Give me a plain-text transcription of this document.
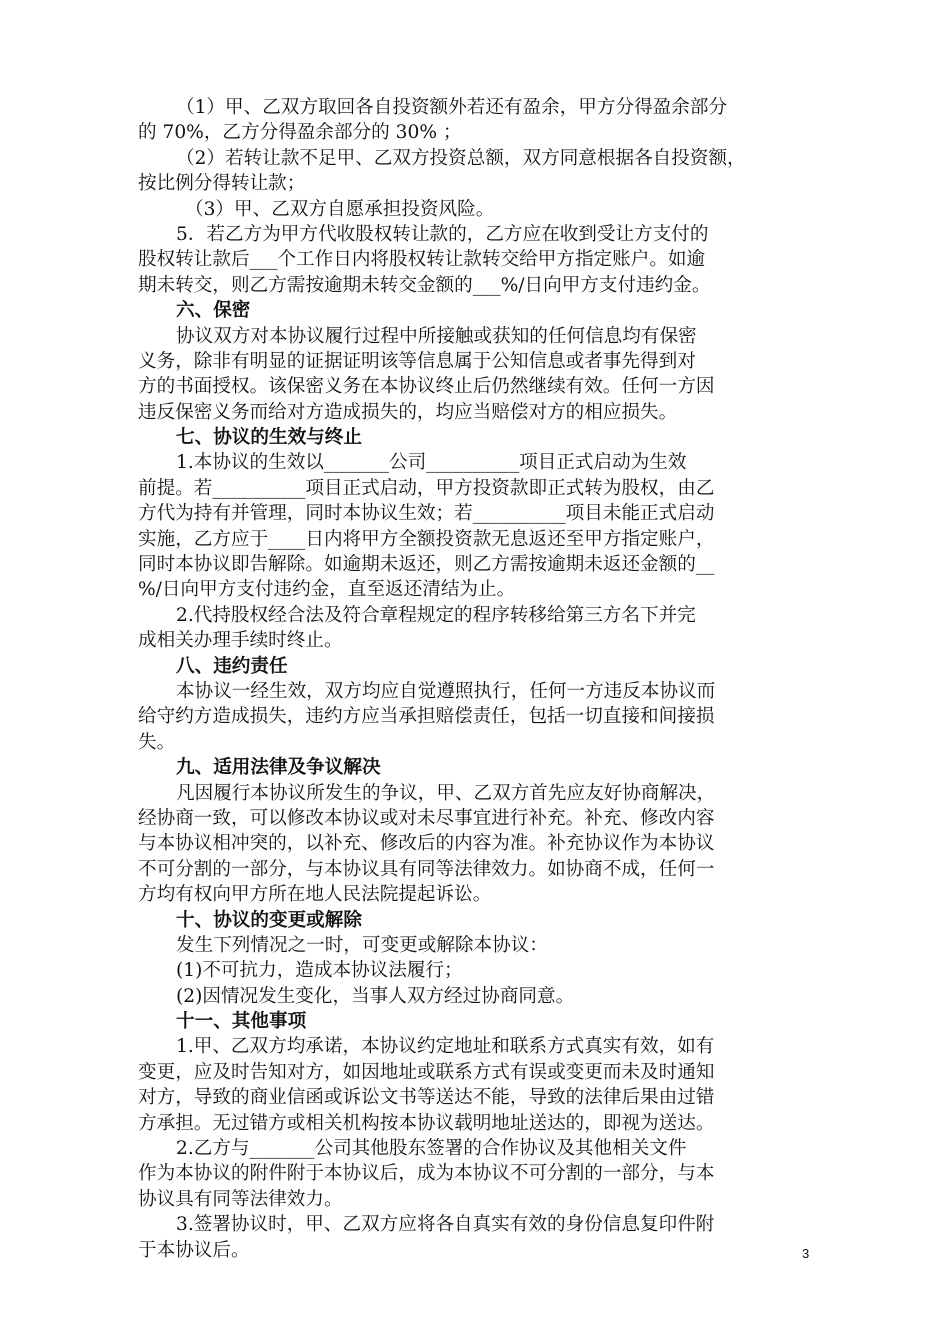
（1）甲、乙双方取回各自投资额外若还有盈余，甲方分得盈余部分
的 70%，乙方分得盈余部分的 30% ；
（2）若转让款不足甲、乙双方投资总额，双方同意根据各自投资额，
按比例分得转让款；
（3）甲、乙双方自愿承担投资风险。
5．若乙方为甲方代收股权转让款的，乙方应在收到受让方支付的
股权转让款后___个工作日内将股权转让款转交给甲方指定账户。如逾
期未转交，则乙方需按逾期未转交金额的___%/日向甲方支付违约金。
六、保密
协议双方对本协议履行过程中所接触或获知的任何信息均有保密
义务，除非有明显的证据证明该等信息属于公知信息或者事先得到对
方的书面授权。该保密义务在本协议终止后仍然继续有效。任何一方因
违反保密义务而给对方造成损失的，均应当赔偿对方的相应损失。
七、协议的生效与终止
1.本协议的生效以_______公司__________项目正式启动为生效
前提。若__________项目正式启动，甲方投资款即正式转为股权，由乙
方代为持有并管理，同时本协议生效；若__________项目未能正式启动
实施，乙方应于____日内将甲方全额投资款无息返还至甲方指定账户，
同时本协议即告解除。如逾期未返还，则乙方需按逾期未返还金额的__
%/日向甲方支付违约金，直至返还清结为止。
2.代持股权经合法及符合章程规定的程序转移给第三方名下并完
成相关办理手续时终止。
八、违约责任
本协议一经生效，双方均应自觉遵照执行，任何一方违反本协议而
给守约方造成损失，违约方应当承担赔偿责任，包括一切直接和间接损
失。
九、适用法律及争议解决
凡因履行本协议所发生的争议，甲、乙双方首先应友好协商解决，
经协商一致，可以修改本协议或对未尽事宜进行补充。补充、修改内容
与本协议相冲突的，以补充、修改后的内容为准。补充协议作为本协议
不可分割的一部分，与本协议具有同等法律效力。如协商不成，任何一
方均有权向甲方所在地人民法院提起诉讼。
十、协议的变更或解除
发生下列情况之一时，可变更或解除本协议：
(1)不可抗力，造成本协议法履行；
(2)因情况发生变化，当事人双方经过协商同意。
十一、其他事项
1.甲、乙双方均承诺，本协议约定地址和联系方式真实有效，如有
变更，应及时告知对方，如因地址或联系方式有误或变更而未及时通知
对方，导致的商业信函或诉讼文书等送达不能，导致的法律后果由过错
方承担。无过错方或相关机构按本协议载明地址送达的，即视为送达。
2.乙方与_______公司其他股东签署的合作协议及其他相关文件
作为本协议的附件附于本协议后，成为本协议不可分割的一部分，与本
协议具有同等法律效力。
3.签署协议时，甲、乙双方应将各自真实有效的身份信息复印件附
于本协议后。	3
